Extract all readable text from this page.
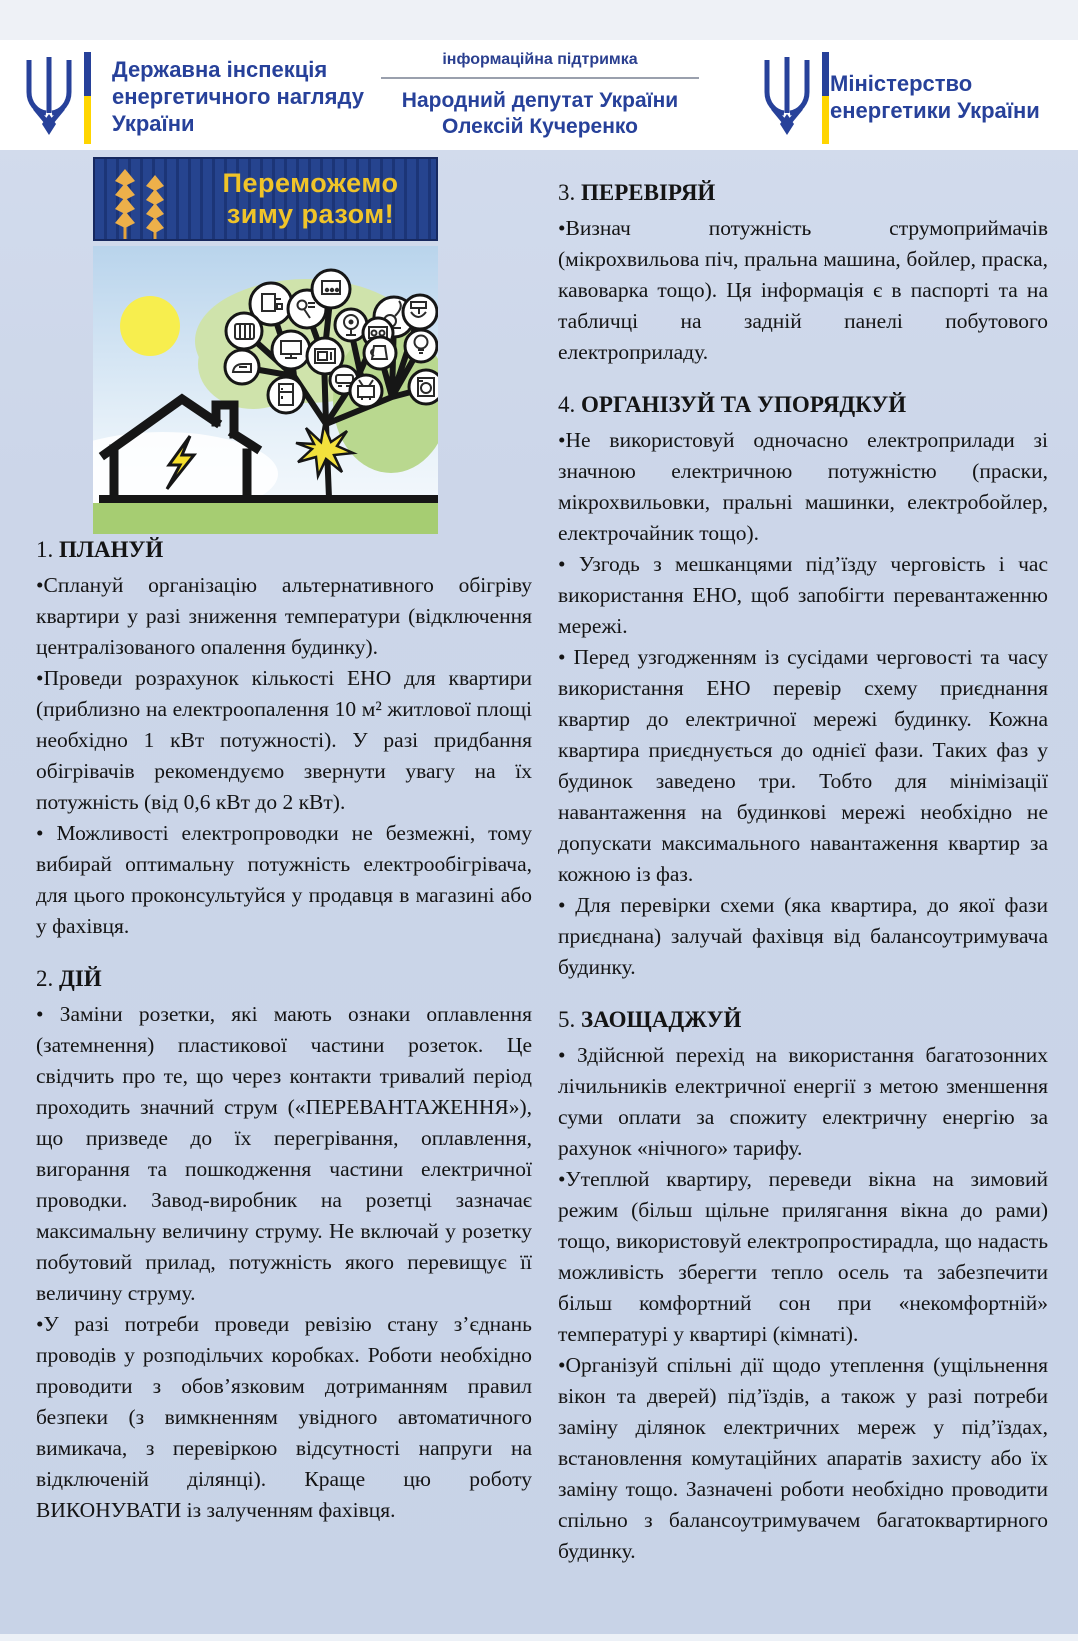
Державна інспекція
енергетичного нагляду
України
інформаційна підтримка
Народний депутат України
Олексій Кучеренко
Міністерство
енергетики України
Переможемо
зиму разом!
1. ПЛАНУЙ

•Сплануй організацію альтернативного обігріву квартири у разі зниження температури (відключення централізованого опалення будинку).

•Проведи розрахунок кількості ЕНО для квартири (приблизно на електроопалення 10 м² житлової площі необхідно 1 кВт потужності). У разі придбання обігрівачів рекомендуємо звернути увагу на їх потужність (від 0,6 кВт до 2 кВт).

• Можливості електропроводки не безмежні, тому вибирай оптимальну потужність електрообігрівача, для цього проконсультуйся у продавця в магазині або у фахівця.

2. ДІЙ

• Заміни розетки, які мають ознаки оплавлення (затемнення) пластикової частини розеток. Це свідчить про те, що через контакти тривалий період проходить значний струм («ПЕРЕВАНТАЖЕННЯ»), що призведе до їх перегрівання, оплавлення, вигорання та пошкодження частини електричної проводки. Завод-виробник на розетці зазначає максимальну величину струму. Не включай у розетку побутовий прилад, потужність якого перевищує її величину струму.

•У разі потреби проведи ревізію стану з’єднань проводів у розподільчих коробках. Роботи необхідно проводити з обов’язковим дотриманням правил безпеки (з вимкненням увідного автоматичного вимикача, з перевіркою відсутності напруги на відключеній ділянці). Краще цю роботу ВИКОНУВАТИ із залученням фахівця.

3. ПЕРЕВІРЯЙ

•Визнач потужність струмоприймачів (мікрохвильова піч, пральна машина, бойлер, праска, кавоварка тощо). Ця інформація є в паспорті та на табличці на задній панелі побутового електроприладу.

4. ОРГАНІЗУЙ ТА УПОРЯДКУЙ

•Не використовуй одночасно електроприлади зі значною електричною потужністю (праски, мікрохвильовки, пральні машинки, електробойлер, електрочайник тощо).

• Узгодь з мешканцями під’їзду черговість і час використання ЕНО, щоб запобігти перевантаженню мережі.

• Перед узгодженням із сусідами черговості та часу використання ЕНО перевір схему приєднання квартир до електричної мережі будинку. Кожна квартира приєднується до однієї фази. Таких фаз у будинок заведено три. Тобто для мінімізації навантаження на будинкові мережі необхідно не допускати максимального навантаження квартир за кожною із фаз.

• Для перевірки схеми (яка квартира, до якої фази приєднана) залучай фахівця від балансоутримувача будинку.

5. ЗАОЩАДЖУЙ

• Здійснюй перехід на використання багатозонних лічильників електричної енергії з метою зменшення суми оплати за спожиту електричну енергію за рахунок «нічного» тарифу.

•Утеплюй квартиру, переведи вікна на зимовий режим (більш щільне прилягання вікна до рами) тощо, використовуй електропростирадла, що надасть можливість зберегти тепло осель та забезпечити більш комфортний сон при «некомфортній» температурі у квартирі (кімнаті).

•Організуй спільні дії щодо утеплення (ущільнення вікон та дверей) під’їздів, а також у разі потреби заміну ділянок електричних мереж у під’їздах, встановлення комутаційних апаратів захисту або їх заміну тощо. Зазначені роботи необхідно проводити спільно з балансоутримувачем багатоквартирного будинку.
